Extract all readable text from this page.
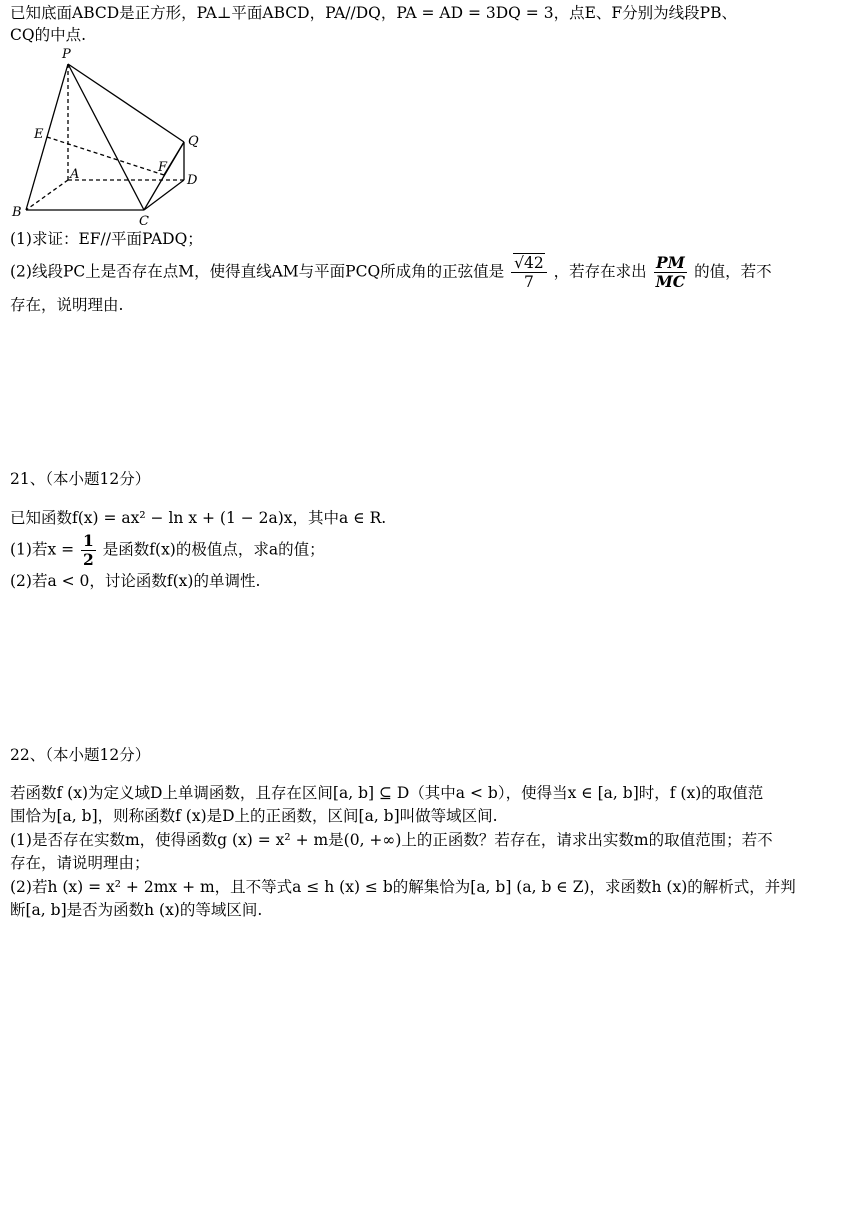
已知底面ABCD是正方形，PA⊥平面ABCD，PA//DQ，PA = AD = 3DQ = 3，点E、F分别为线段PB、
CQ的中点.
P
E
A	F
Q
D
B
C
(1)求证：EF//平面PADQ；
(2)线段PC上是否存在点M，使得直线AM与平面PCQ所成角的正弦值是 $\frac{√42}{7}$ ，若存在求出 $\frac{PM}{MC}$ 的值，若不
存在，说明理由.
21、（本小题12分）
已知函数f(x) = ax² − ln x + (1 − 2a)x，其中a ∈ R.
(1)若$x = \frac{1}{2}$ 是函数f(x)的极值点，求a的值；
(2)若a < 0，讨论函数f(x)的单调性.
22、（本小题12分）
若函数f (x)为定义域D上单调函数，且存在区间[a, b] ⊆ D（其中a < b），使得当x ∈ [a, b]时，f (x)的取值范
围恰为[a, b]，则称函数f (x)是D上的正函数，区间[a, b]叫做等域区间.
(1)是否存在实数m，使得函数g (x) = x² + m是(0, +∞)上的正函数？若存在，请求出实数m的取值范围；若不
存在，请说明理由；
(2)若h (x) = x² + 2mx + m，且不等式a ≤ h (x) ≤ b的解集恰为[a, b] (a, b ∈ Z)，求函数h (x)的解析式，并判
断[a, b]是否为函数h (x)的等域区间.
